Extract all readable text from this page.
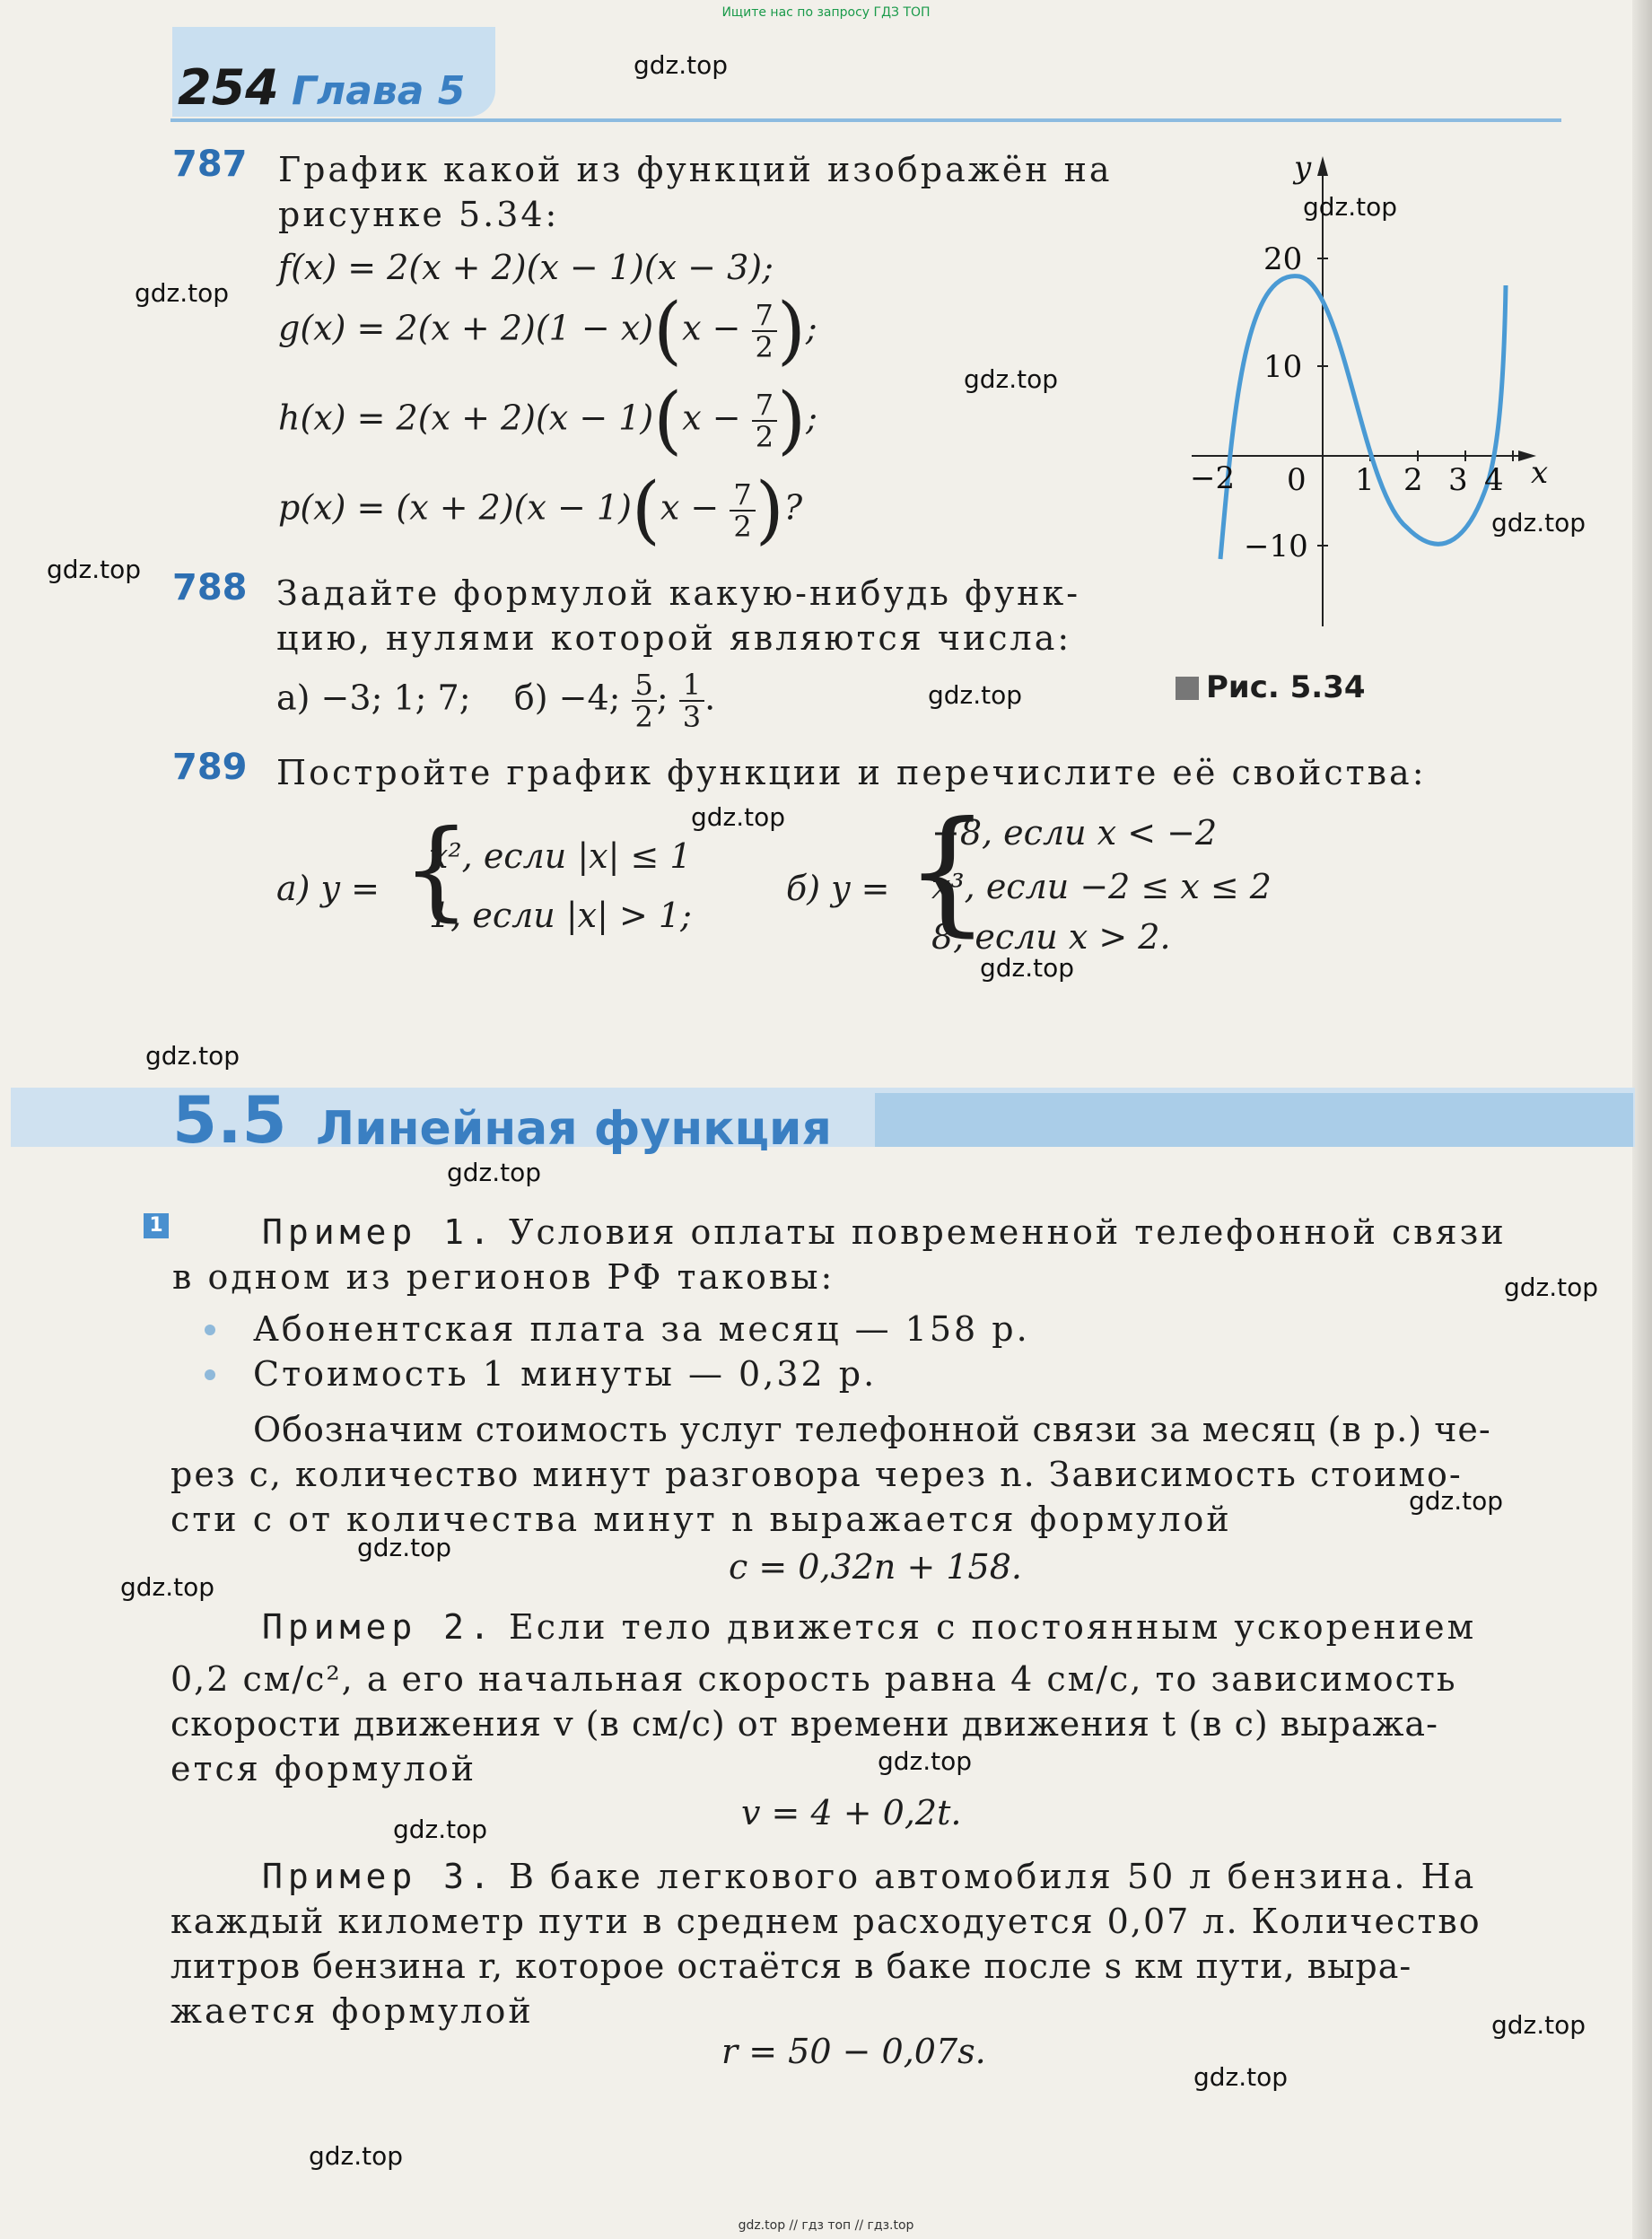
Ищите нас по запросу ГДЗ ТОП
254 Глава 5
787 График какой из функций изображён на
рисунке 5.34:
f(x) = 2(x + 2)(x − 1)(x − 3);
$g(x) = 2(x + 2)(1 - x)(x - \frac{7}{2}$ );
$h(x) = 2(x + 2)(x - 1)(x - \frac{7}{2}$ );
$p(x) = (x + 2)(x - 1)(x - \frac{7}{2}$ )?
y
x
20
10
−10
−2 0 1 2 3 4
Рис. 5.34
788 Задайте формулой какую-нибудь функ-
цию, нулями которой являются числа:
а) −3; 1; 7; б) −4; $\frac{5}{2}$ ; $\frac{1}{3}$ .
789 Постройте график функции и перечислите её свойства:
а) y = {
x², если |x| ≤ 1
1, если |x| > 1;
б) y = {
−8, если x < −2
x³, если −2 ≤ x ≤ 2
8, если x > 2.
5.5 Линейная функция
1	Пример 1. Условия оплаты повременной телефонной связи
в одном из регионов РФ таковы:
Абонентская плата за месяц — 158 р.
Стоимость 1 минуты — 0,32 р.
Обозначим стоимость услуг телефонной связи за месяц (в р.) че-
рез c, количество минут разговора через n. Зависимость стоимо-
сти c от количества минут n выражается формулой
c = 0,32n + 158.
Пример 2. Если тело движется с постоянным ускорением
0,2 см/с², а его начальная скорость равна 4 см/с, то зависимость
скорости движения v (в см/с) от времени движения t (в с) выража-
ется формулой
v = 4 + 0,2t.
Пример 3. В баке легкового автомобиля 50 л бензина. На
каждый километр пути в среднем расходуется 0,07 л. Количество
литров бензина r, которое остаётся в баке после s км пути, выра-
жается формулой
r = 50 − 0,07s.
gdz.top
gdz.top
gdz.top
gdz.top
gdz.top
gdz.top
gdz.top
gdz.top
gdz.top
gdz.top
gdz.top
gdz.top
gdz.top
gdz.top
gdz.top
gdz.top
gdz.top
gdz.top
gdz.top
gdz.top
gdz.top // гдз топ // гдз.top
